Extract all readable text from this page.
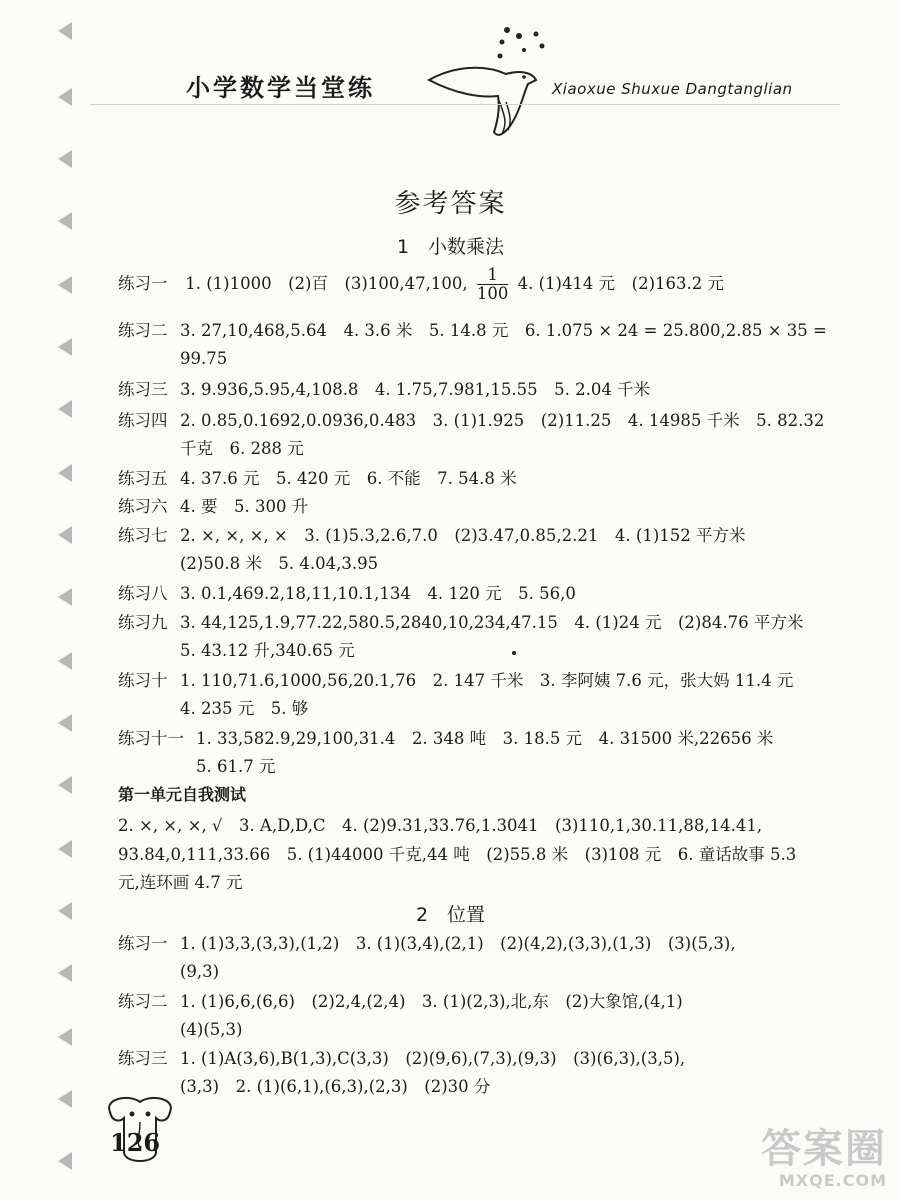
小学数学当堂练	Xiaoxue Shuxue Dangtanglian
参考答案
1　小数乘法
练习一 1. (1)1000　(2)百　(3)100,47,100, $\frac{1}{100} 4$. (1)414 元　(2)163.2 元
练习二 3. 27,10,468,5.64　4. 3.6 米　5. 14.8 元　6. 1.075 × 24 = 25.800,2.85 × 35 =
99.75
练习三 3. 9.936,5.95,4,108.8　4. 1.75,7.981,15.55　5. 2.04 千米
练习四 2. 0.85,0.1692,0.0936,0.483　3. (1)1.925　(2)11.25　4. 14985 千米　5. 82.32
千克　6. 288 元
练习五 4. 37.6 元　5. 420 元　6. 不能　7. 54.8 米
练习六 4. 要　5. 300 升
练习七 2. ×, ×, ×, ×　3. (1)5.3,2.6,7.0　(2)3.47,0.85,2.21　4. (1)152 平方米
(2)50.8 米　5. 4.04,3.95
练习八 3. 0.1,469.2,18,11,10.1,134　4. 120 元　5. 56,0
练习九 3. 44,125,1.9,77.22,580.5,2840,10,234,47.15　4. (1)24 元　(2)84.76 平方米
5. 43.12 升,340.65 元
练习十 1. 110,71.6,1000,56,20.1,76　2. 147 千米　3. 李阿姨 7.6 元，张大妈 11.4 元
4. 235 元　5. 够
练习十一 1. 33,582.9,29,100,31.4　2. 348 吨　3. 18.5 元　4. 31500 米,22656 米
5. 61.7 元
第一单元自我测试
2. ×, ×, ×, √　3. A,D,D,C　4. (2)9.31,33.76,1.3041　(3)110,1,30.11,88,14.41,
93.84,0,111,33.66　5. (1)44000 千克,44 吨　(2)55.8 米　(3)108 元　6. 童话故事 5.3
元,连环画 4.7 元
2　位置
练习一 1. (1)3,3,(3,3),(1,2)　3. (1)(3,4),(2,1)　(2)(4,2),(3,3),(1,3)　(3)(5,3),
(9,3)
练习二 1. (1)6,6,(6,6)　(2)2,4,(2,4)　3. (1)(2,3),北,东　(2)大象馆,(4,1)
(4)(5,3)
练习三 1. (1)A(3,6),B(1,3),C(3,3)　(2)(9,6),(7,3),(9,3)　(3)(6,3),(3,5),
(3,3)　2. (1)(6,1),(6,3),(2,3)　(2)30 分
126	答案圈
MXQE.COM
